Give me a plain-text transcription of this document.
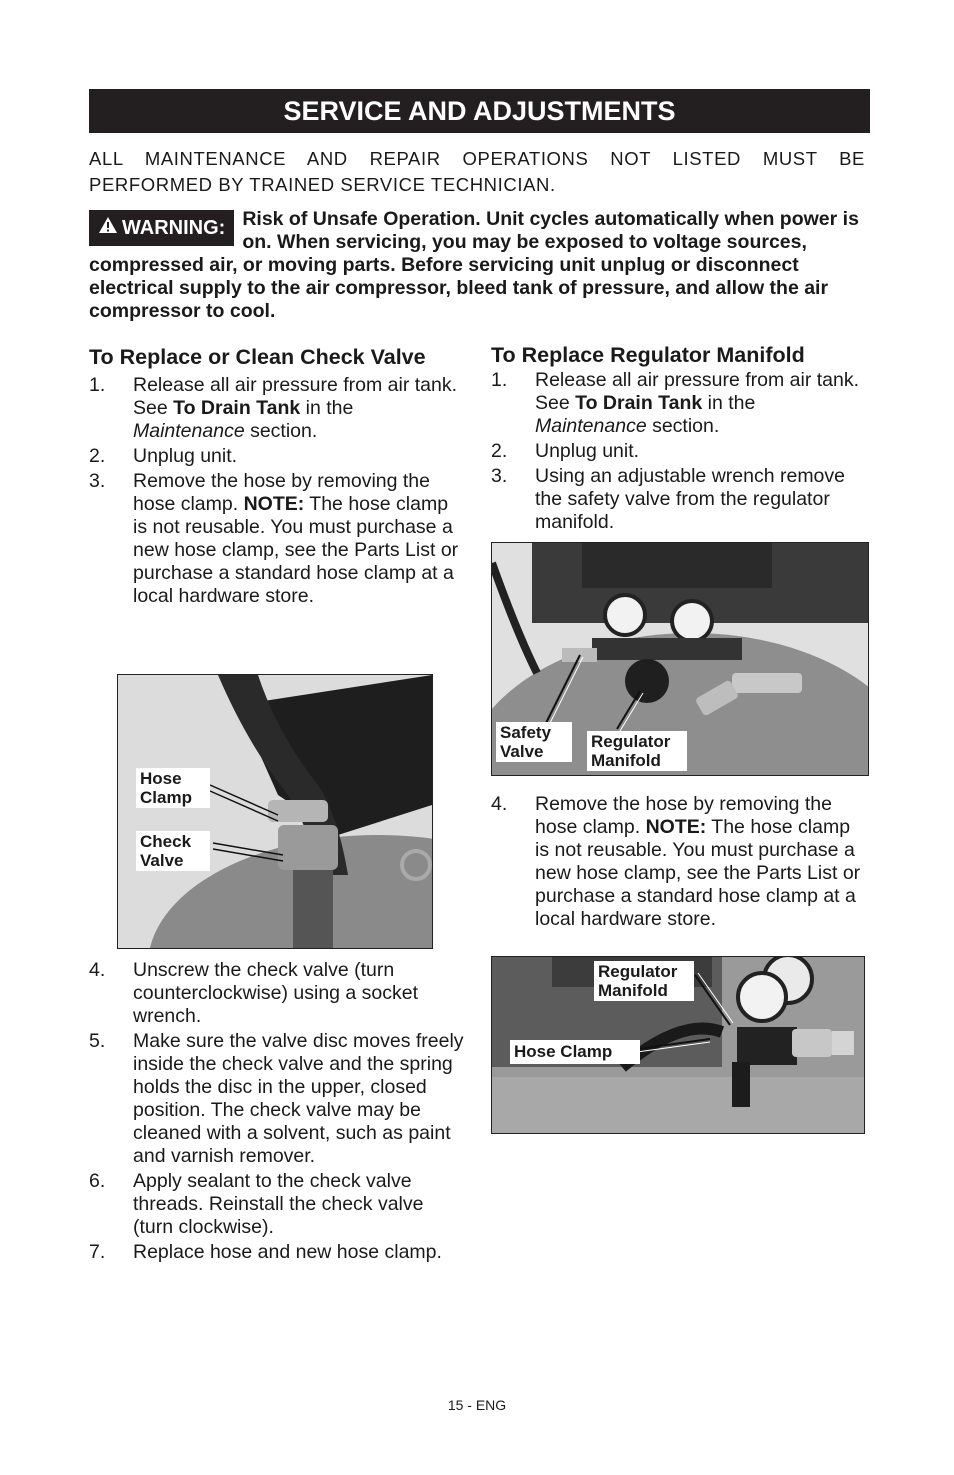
SERVICE AND ADJUSTMENTS
ALL MAINTENANCE AND REPAIR OPERATIONS NOT LISTED MUST BE PERFORMED BY TRAINED SERVICE TECHNICIAN.
WARNING: Risk of Unsafe Operation. Unit cycles automatically when power is on. When servicing, you may be exposed to voltage sources, compressed air, or moving parts. Before servicing unit unplug or disconnect electrical supply to the air compressor, bleed tank of pressure, and allow the air compressor to cool.
To Replace or Clean Check Valve
1. Release all air pressure from air tank. See To Drain Tank in the Maintenance section.
2. Unplug unit.
3. Remove the hose by removing the hose clamp. NOTE: The hose clamp is not reusable. You must purchase a new hose clamp, see the Parts List or purchase a standard hose clamp at a local hardware store.
Hose Clamp
Check Valve
4. Unscrew the check valve (turn counterclockwise) using a socket wrench.
5. Make sure the valve disc moves freely inside the check valve and the spring holds the disc in the upper, closed position. The check valve may be cleaned with a solvent, such as paint and varnish remover.
6. Apply sealant to the check valve threads. Reinstall the check valve (turn clockwise).
7. Replace hose and new hose clamp.
To Replace Regulator Manifold
1. Release all air pressure from air tank. See To Drain Tank in the Maintenance section.
2. Unplug unit.
3. Using an adjustable wrench remove the safety valve from the regulator manifold.
Safety Valve
Regulator Manifold
4. Remove the hose by removing the hose clamp. NOTE: The hose clamp is not reusable. You must purchase a new hose clamp, see the Parts List or purchase a standard hose clamp at a local hardware store.
Regulator Manifold
Hose Clamp
15 - ENG
